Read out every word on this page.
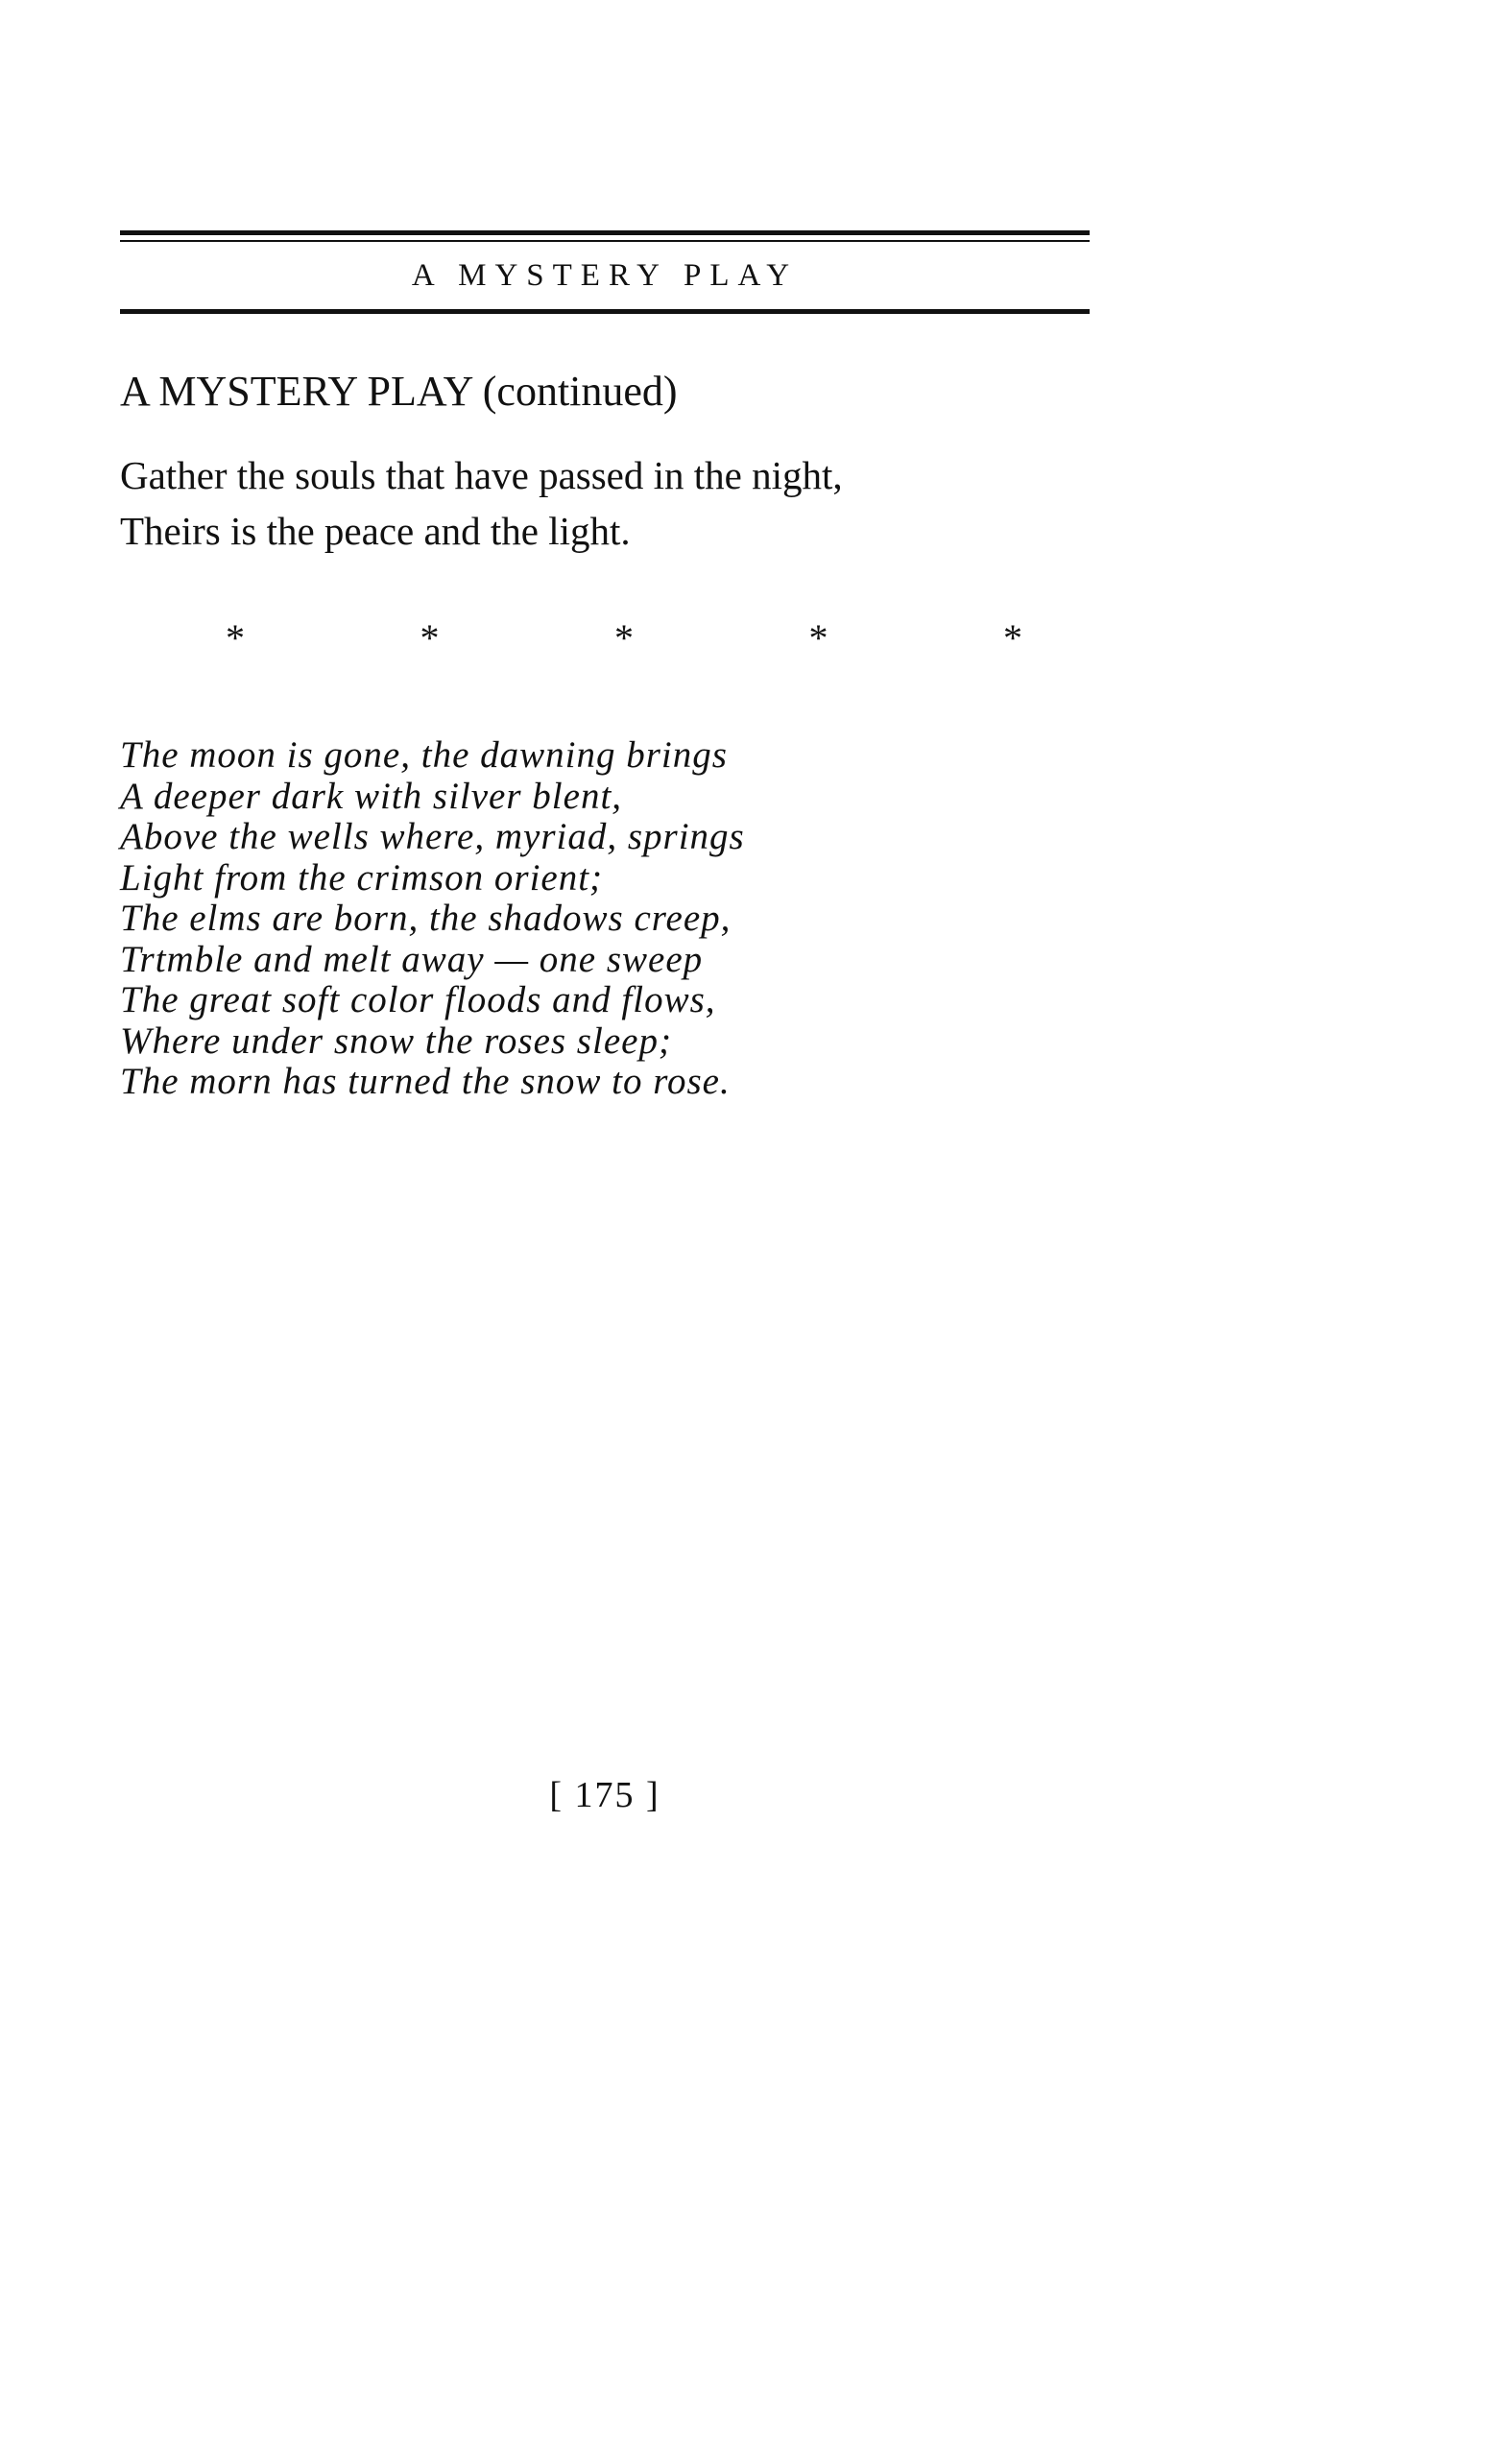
A MYSTERY PLAY
A MYSTERY PLAY (continued)
Gather the souls that have passed in the night,
Theirs is the peace and the light.
*	*	*	*	*
The moon is gone, the dawning brings
A deeper dark with silver blent,
Above the wells where, myriad, springs
Light from the crimson orient;
The elms are born, the shadows creep,
Trtmble and melt away — one sweep
The great soft color floods and flows,
Where under snow the roses sleep;
The morn has turned the snow to rose.
[ 175 ]
